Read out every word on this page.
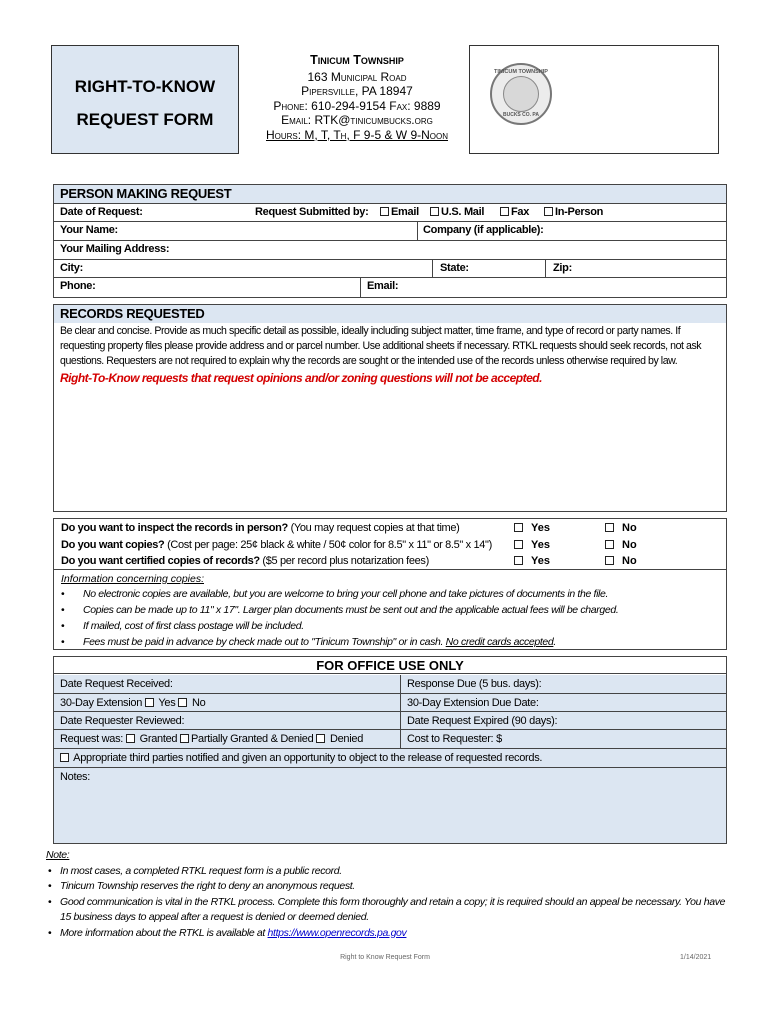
RIGHT-TO-KNOW
REQUEST FORM
Tinicum Township
163 Municipal Road
Pipersville, PA 18947
Phone: 610-294-9154 Fax: 9889
Email: RTK@tinicumbucks.org
Hours: M, T, Th, F 9-5 & W 9-Noon
TINICUM TOWNSHIP
BUCKS CO. PA
PERSON MAKING REQUEST
Date of Request:	Request Submitted by:	Email	U.S. Mail	Fax	In-Person
Your Name:	Company (if applicable):
Your Mailing Address:
City:	State:	Zip:
Phone:	Email:
RECORDS REQUESTED
Be clear and concise. Provide as much specific detail as possible, ideally including subject matter, time frame, and type of record or party names. If requesting property files please provide address and or parcel number. Use additional sheets if necessary. RTKL requests should seek records, not ask questions. Requesters are not required to explain why the records are sought or the intended use of the records unless otherwise required by law.
Right-To-Know requests that request opinions and/or zoning questions will not be accepted.
Do you want to inspect the records in person? (You may request copies at that time)	Yes	No
Do you want copies? (Cost per page: 25¢ black & white / 50¢ color for 8.5" x 11" or 8.5" x 14")	Yes	No
Do you want certified copies of records? ($5 per record plus notarization fees)	Yes	No
Information concerning copies:
• No electronic copies are available, but you are welcome to bring your cell phone and take pictures of documents in the file.
• Copies can be made up to 11" x 17". Larger plan documents must be sent out and the applicable actual fees will be charged.
• If mailed, cost of first class postage will be included.
• Fees must be paid in advance by check made out to "Tinicum Township" or in cash. No credit cards accepted.
FOR OFFICE USE ONLY
Date Request Received:	Response Due (5 bus. days):
30-Day Extension Yes No	30-Day Extension Due Date:
Date Requester Reviewed:	Date Request Expired (90 days):
Request was: Granted Partially Granted & Denied Denied	Cost to Requester: $
Appropriate third parties notified and given an opportunity to object to the release of requested records.
Notes:
Note:
• In most cases, a completed RTKL request form is a public record.
• Tinicum Township reserves the right to deny an anonymous request.
• Good communication is vital in the RTKL process. Complete this form thoroughly and retain a copy; it is required should an appeal be necessary. You have 15 business days to appeal after a request is denied or deemed denied.
• More information about the RTKL is available at https://www.openrecords.pa.gov
Right to Know Request Form	1/14/2021
